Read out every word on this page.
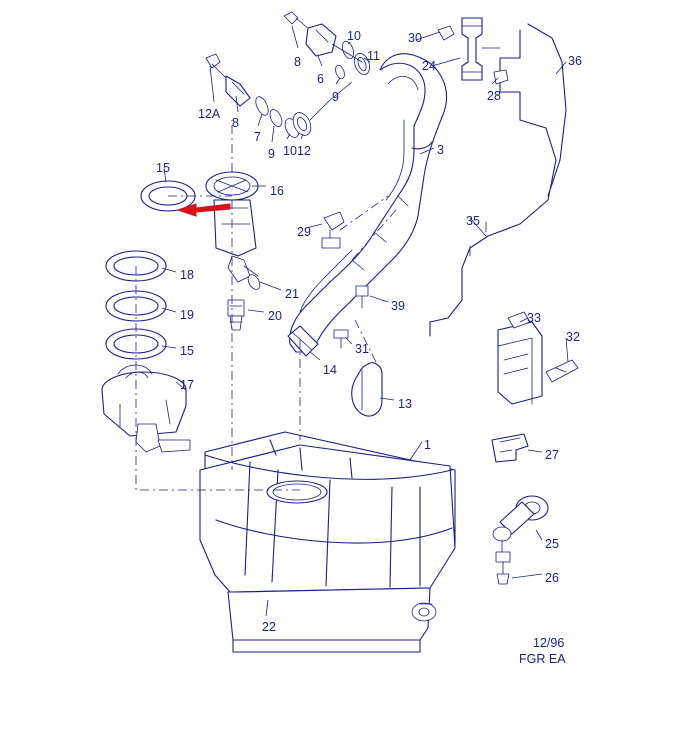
8
10
6
11
9
30
24
28
36
12A
8
7
9 10 12	3
15
16
29
35
18
21
19	20
39
33
15	31
32
14
17
13
1
27
25
26
22
12/96
FGR EA
